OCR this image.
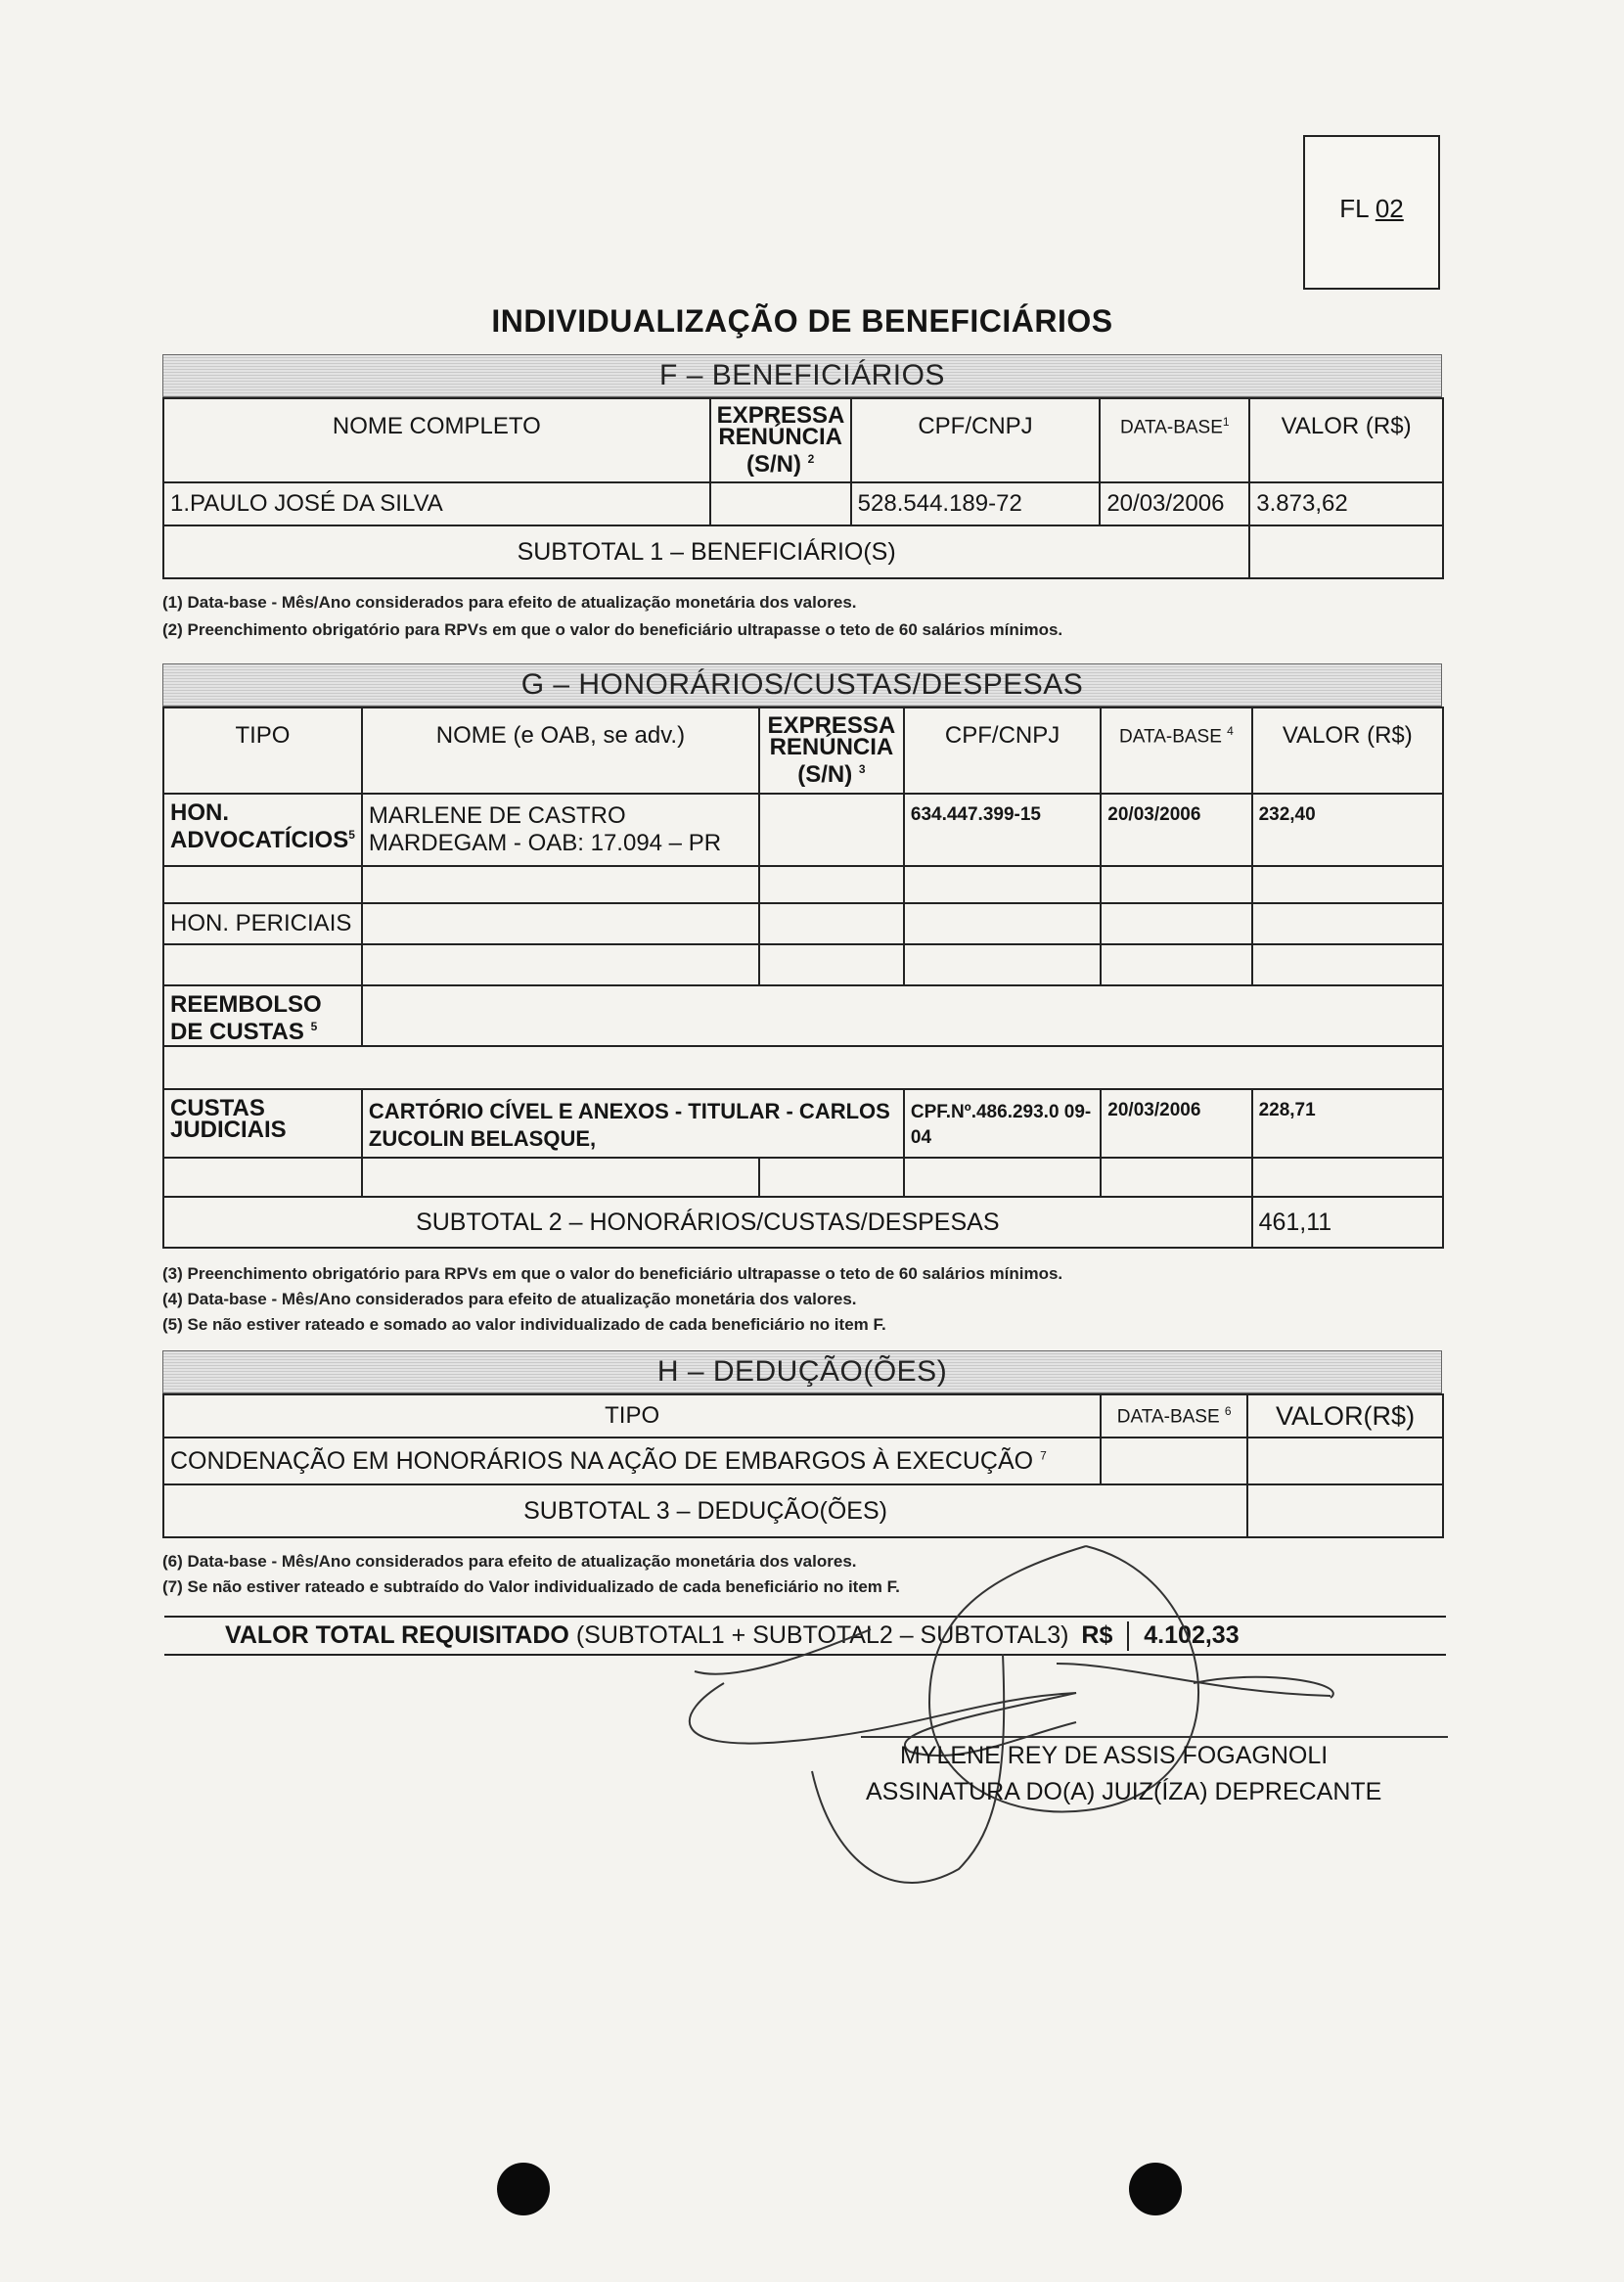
FL 02
INDIVIDUALIZAÇÃO DE BENEFICIÁRIOS
F – BENEFICIÁRIOS
NOME COMPLETO	EXPRESSA RENÚNCIA (S/N) $^2$	CPF/CNPJ	DATA-BASE$^1$	VALOR (R$)
1.PAULO JOSÉ DA SILVA		528.544.189-72	20/03/2006	3.873,62
SUBTOTAL 1 – BENEFICIÁRIO(S)				
(1) Data-base - Mês/Ano considerados para efeito de atualização monetária dos valores.
(2) Preenchimento obrigatório para RPVs em que o valor do beneficiário ultrapasse o teto de 60 salários mínimos.
G – HONORÁRIOS/CUSTAS/DESPESAS
TIPO	NOME (e OAB, se adv.)	EXPRESSA RENÚNCIA (S/N) $^3$	CPF/CNPJ	DATA-BASE $^4$	VALOR (R$)
HON. ADVOCATÍCIOS$^5$	MARLENE DE CASTRO MARDEGAM - OAB: 17.094 – PR		634.447.399-15	20/03/2006	232,40

HON. PERICIAIS					

REEMBOLSO DE CUSTAS $^5$	

CUSTAS JUDICIAIS	CARTÓRIO CÍVEL E ANEXOS - TITULAR - CARLOS ZUCOLIN BELASQUE,		CPF.Nº.486.293.0 09-04	20/03/2006	228,71

SUBTOTAL 2 – HONORÁRIOS/CUSTAS/DESPESAS					461,11
(3) Preenchimento obrigatório para RPVs em que o valor do beneficiário ultrapasse o teto de 60 salários mínimos.
(4) Data-base - Mês/Ano considerados para efeito de atualização monetária dos valores.
(5) Se não estiver rateado e somado ao valor individualizado de cada beneficiário no item F.
H – DEDUÇÃO(ÕES)
TIPO	DATA-BASE $^6$	VALOR(R$)
CONDENAÇÃO EM HONORÁRIOS NA AÇÃO DE EMBARGOS À EXECUÇÃO $^7$		
SUBTOTAL 3 – DEDUÇÃO(ÕES)		
(6) Data-base - Mês/Ano considerados para efeito de atualização monetária dos valores.
(7) Se não estiver rateado e subtraído do Valor individualizado de cada beneficiário no item F.
VALOR TOTAL REQUISITADO (SUBTOTAL1 + SUBTOTAL2 – SUBTOTAL3) R$ 4.102,33
MYLENE REY DE ASSIS FOGAGNOLI
ASSINATURA DO(A) JUIZ(ÍZA) DEPRECANTE
